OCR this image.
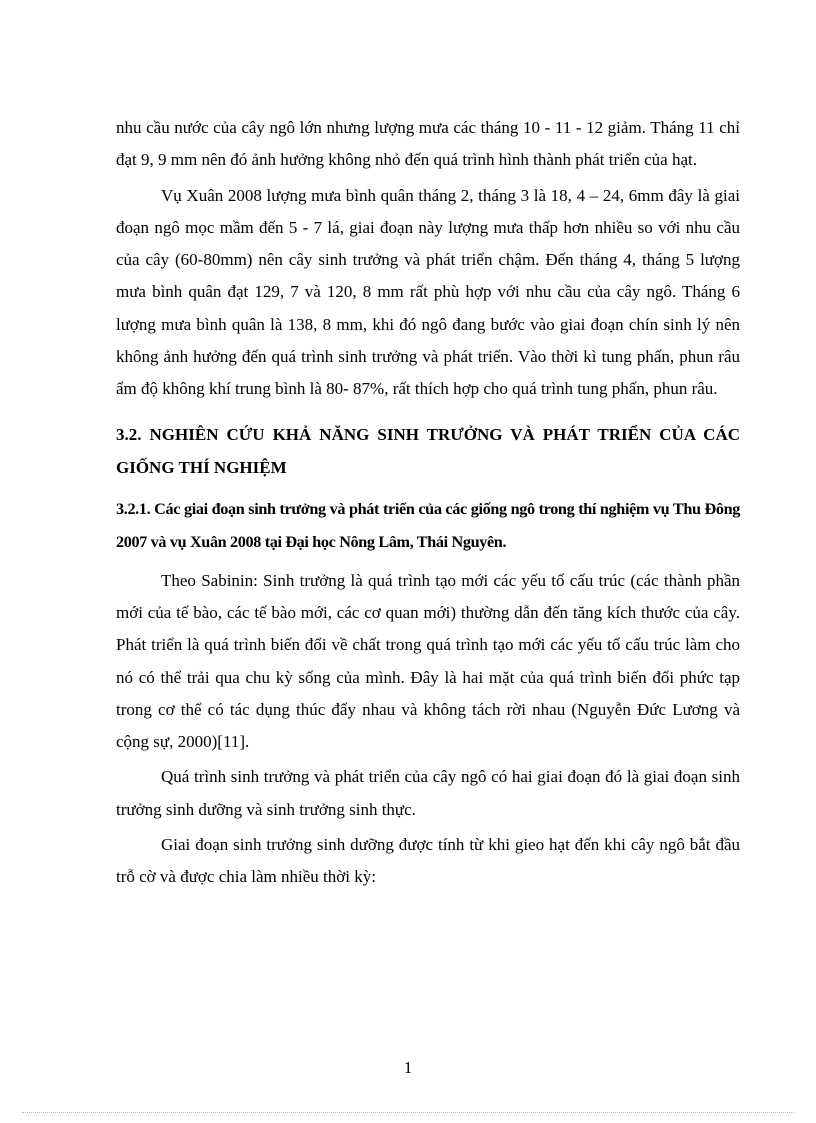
nhu cầu nước của cây ngô lớn nhưng lượng mưa các tháng 10 - 11 - 12 giảm. Tháng 11 chỉ đạt 9, 9 mm nên đó ảnh hưởng không nhỏ đến quá trình hình thành phát triển của hạt.

Vụ Xuân 2008 lượng mưa bình quân tháng 2, tháng 3 là 18, 4 – 24, 6mm đây là giai đoạn ngô mọc mầm đến 5 - 7 lá, giai đoạn này lượng mưa thấp hơn nhiều so với nhu cầu của cây (60-80mm) nên cây sinh trưởng và phát triển chậm. Đến tháng 4, tháng 5 lượng mưa bình quân đạt 129, 7 và 120, 8 mm rất phù hợp với nhu cầu của cây ngô. Tháng 6 lượng mưa bình quân là 138, 8 mm, khi đó ngô đang bước vào giai đoạn chín sinh lý nên không ảnh hưởng đến quá trình sinh trưởng và phát triển. Vào thời kì tung phấn, phun râu ẩm độ không khí trung bình là 80- 87%, rất thích hợp cho quá trình tung phấn, phun râu.

3.2. NGHIÊN CỨU KHẢ NĂNG SINH TRƯỞNG VÀ PHÁT TRIỂN CỦA CÁC GIỐNG THÍ NGHIỆM
3.2.1. Các giai đoạn sinh trưởng và phát triển của các giống ngô trong thí nghiệm vụ Thu Đông 2007 và vụ Xuân 2008 tại Đại học Nông Lâm, Thái Nguyên.

Theo Sabinin: Sinh trưởng là quá trình tạo mới các yếu tố cấu trúc (các thành phần mới của tế bào, các tế bào mới, các cơ quan mới) thường dẫn đến tăng kích thước của cây. Phát triển là quá trình biến đổi về chất trong quá trình tạo mới các yếu tố cấu trúc làm cho nó có thể trải qua chu kỳ sống của mình. Đây là hai mặt của quá trình biến đổi phức tạp trong cơ thể có tác dụng thúc đẩy nhau và không tách rời nhau (Nguyễn Đức Lương và cộng sự, 2000)[11].

Quá trình sinh trưởng và phát triển của cây ngô có hai giai đoạn đó là giai đoạn sinh trưởng sinh dưỡng và sinh trưởng sinh thực.

Giai đoạn sinh trưởng sinh dưỡng được tính từ khi gieo hạt đến khi cây ngô bắt đầu trỗ cờ và được chia làm nhiều thời kỳ:

1
